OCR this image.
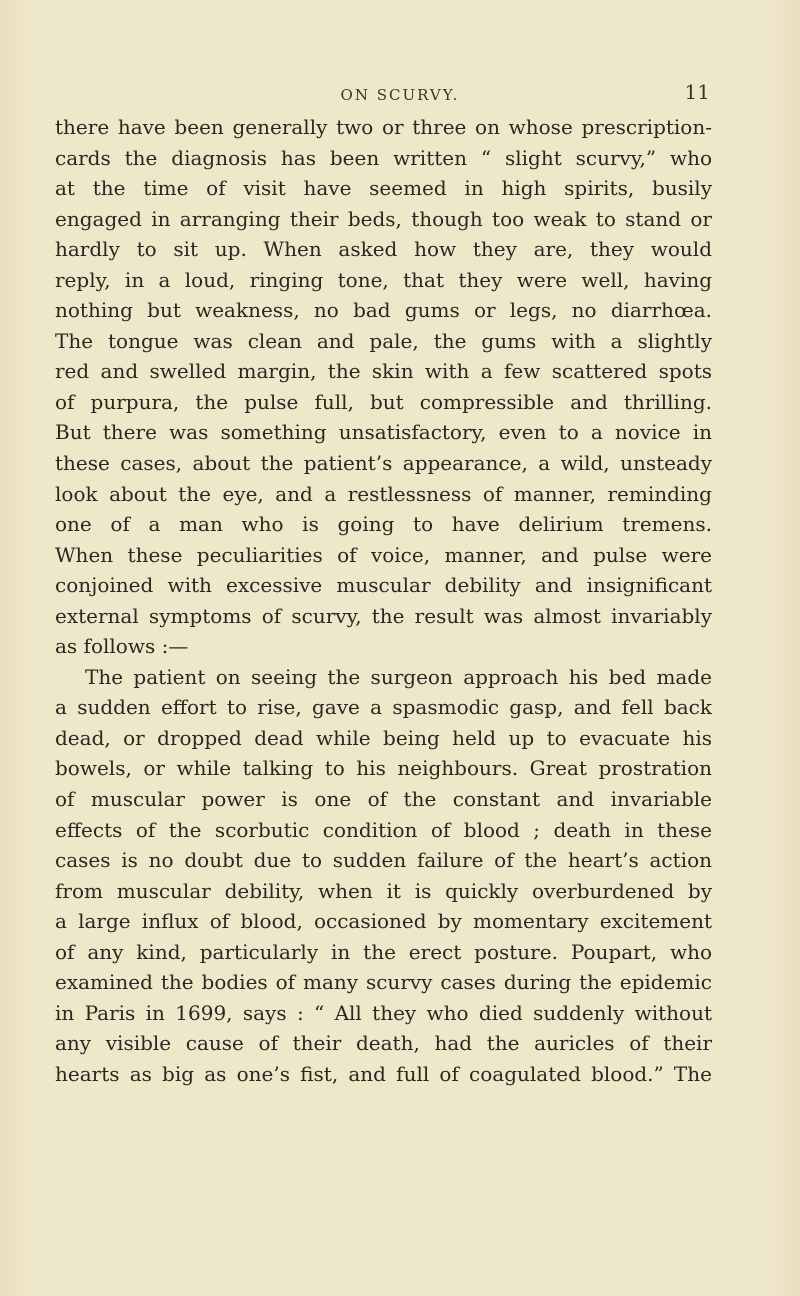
ON SCURVY.	11
there have been generally two or three on whose prescription-
cards the diagnosis has been written “ slight scurvy,” who
at the time of visit have seemed in high spirits, busily
engaged in arranging their beds, though too weak to stand or
hardly to sit up. When asked how they are, they would
reply, in a loud, ringing tone, that they were well, having
nothing but weakness, no bad gums or legs, no diarrhœa.
The tongue was clean and pale, the gums with a slightly
red and swelled margin, the skin with a few scattered spots
of purpura, the pulse full, but compressible and thrilling.
But there was something unsatisfactory, even to a novice in
these cases, about the patient’s appearance, a wild, unsteady
look about the eye, and a restlessness of manner, reminding
one of a man who is going to have delirium tremens.
When these peculiarities of voice, manner, and pulse were
conjoined with excessive muscular debility and insignificant
external symptoms of scurvy, the result was almost invariably
as follows :—
The patient on seeing the surgeon approach his bed made
a sudden effort to rise, gave a spasmodic gasp, and fell back
dead, or dropped dead while being held up to evacuate his
bowels, or while talking to his neighbours. Great prostration
of muscular power is one of the constant and invariable
effects of the scorbutic condition of blood ; death in these
cases is no doubt due to sudden failure of the heart’s action
from muscular debility, when it is quickly overburdened by
a large influx of blood, occasioned by momentary excitement
of any kind, particularly in the erect posture. Poupart, who
examined the bodies of many scurvy cases during the epidemic
in Paris in 1699, says : “ All they who died suddenly without
any visible cause of their death, had the auricles of their
hearts as big as one’s fist, and full of coagulated blood.” The
